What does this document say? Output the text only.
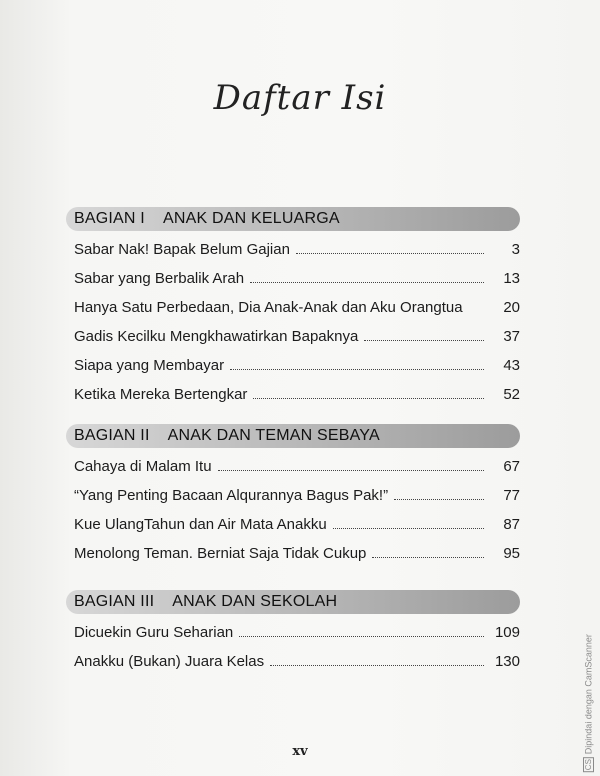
Daftar Isi
BAGIAN I ANAK DAN KELUARGA
Sabar Nak! Bapak Belum Gajian	3
Sabar yang Berbalik Arah	13
Hanya Satu Perbedaan, Dia Anak-Anak dan Aku Orangtua	20
Gadis Kecilku Mengkhawatirkan Bapaknya	37
Siapa yang Membayar	43
Ketika Mereka Bertengkar	52
BAGIAN II ANAK DAN TEMAN SEBAYA
Cahaya di Malam Itu	67
“Yang Penting Bacaan Alqurannya Bagus Pak!”	77
Kue UlangTahun dan Air Mata Anakku	87
Menolong Teman. Berniat Saja Tidak Cukup	95
BAGIAN III ANAK DAN SEKOLAH
Dicuekin Guru Seharian	109
Anakku (Bukan) Juara Kelas	130
xv
CS
Dipindai dengan CamScanner
